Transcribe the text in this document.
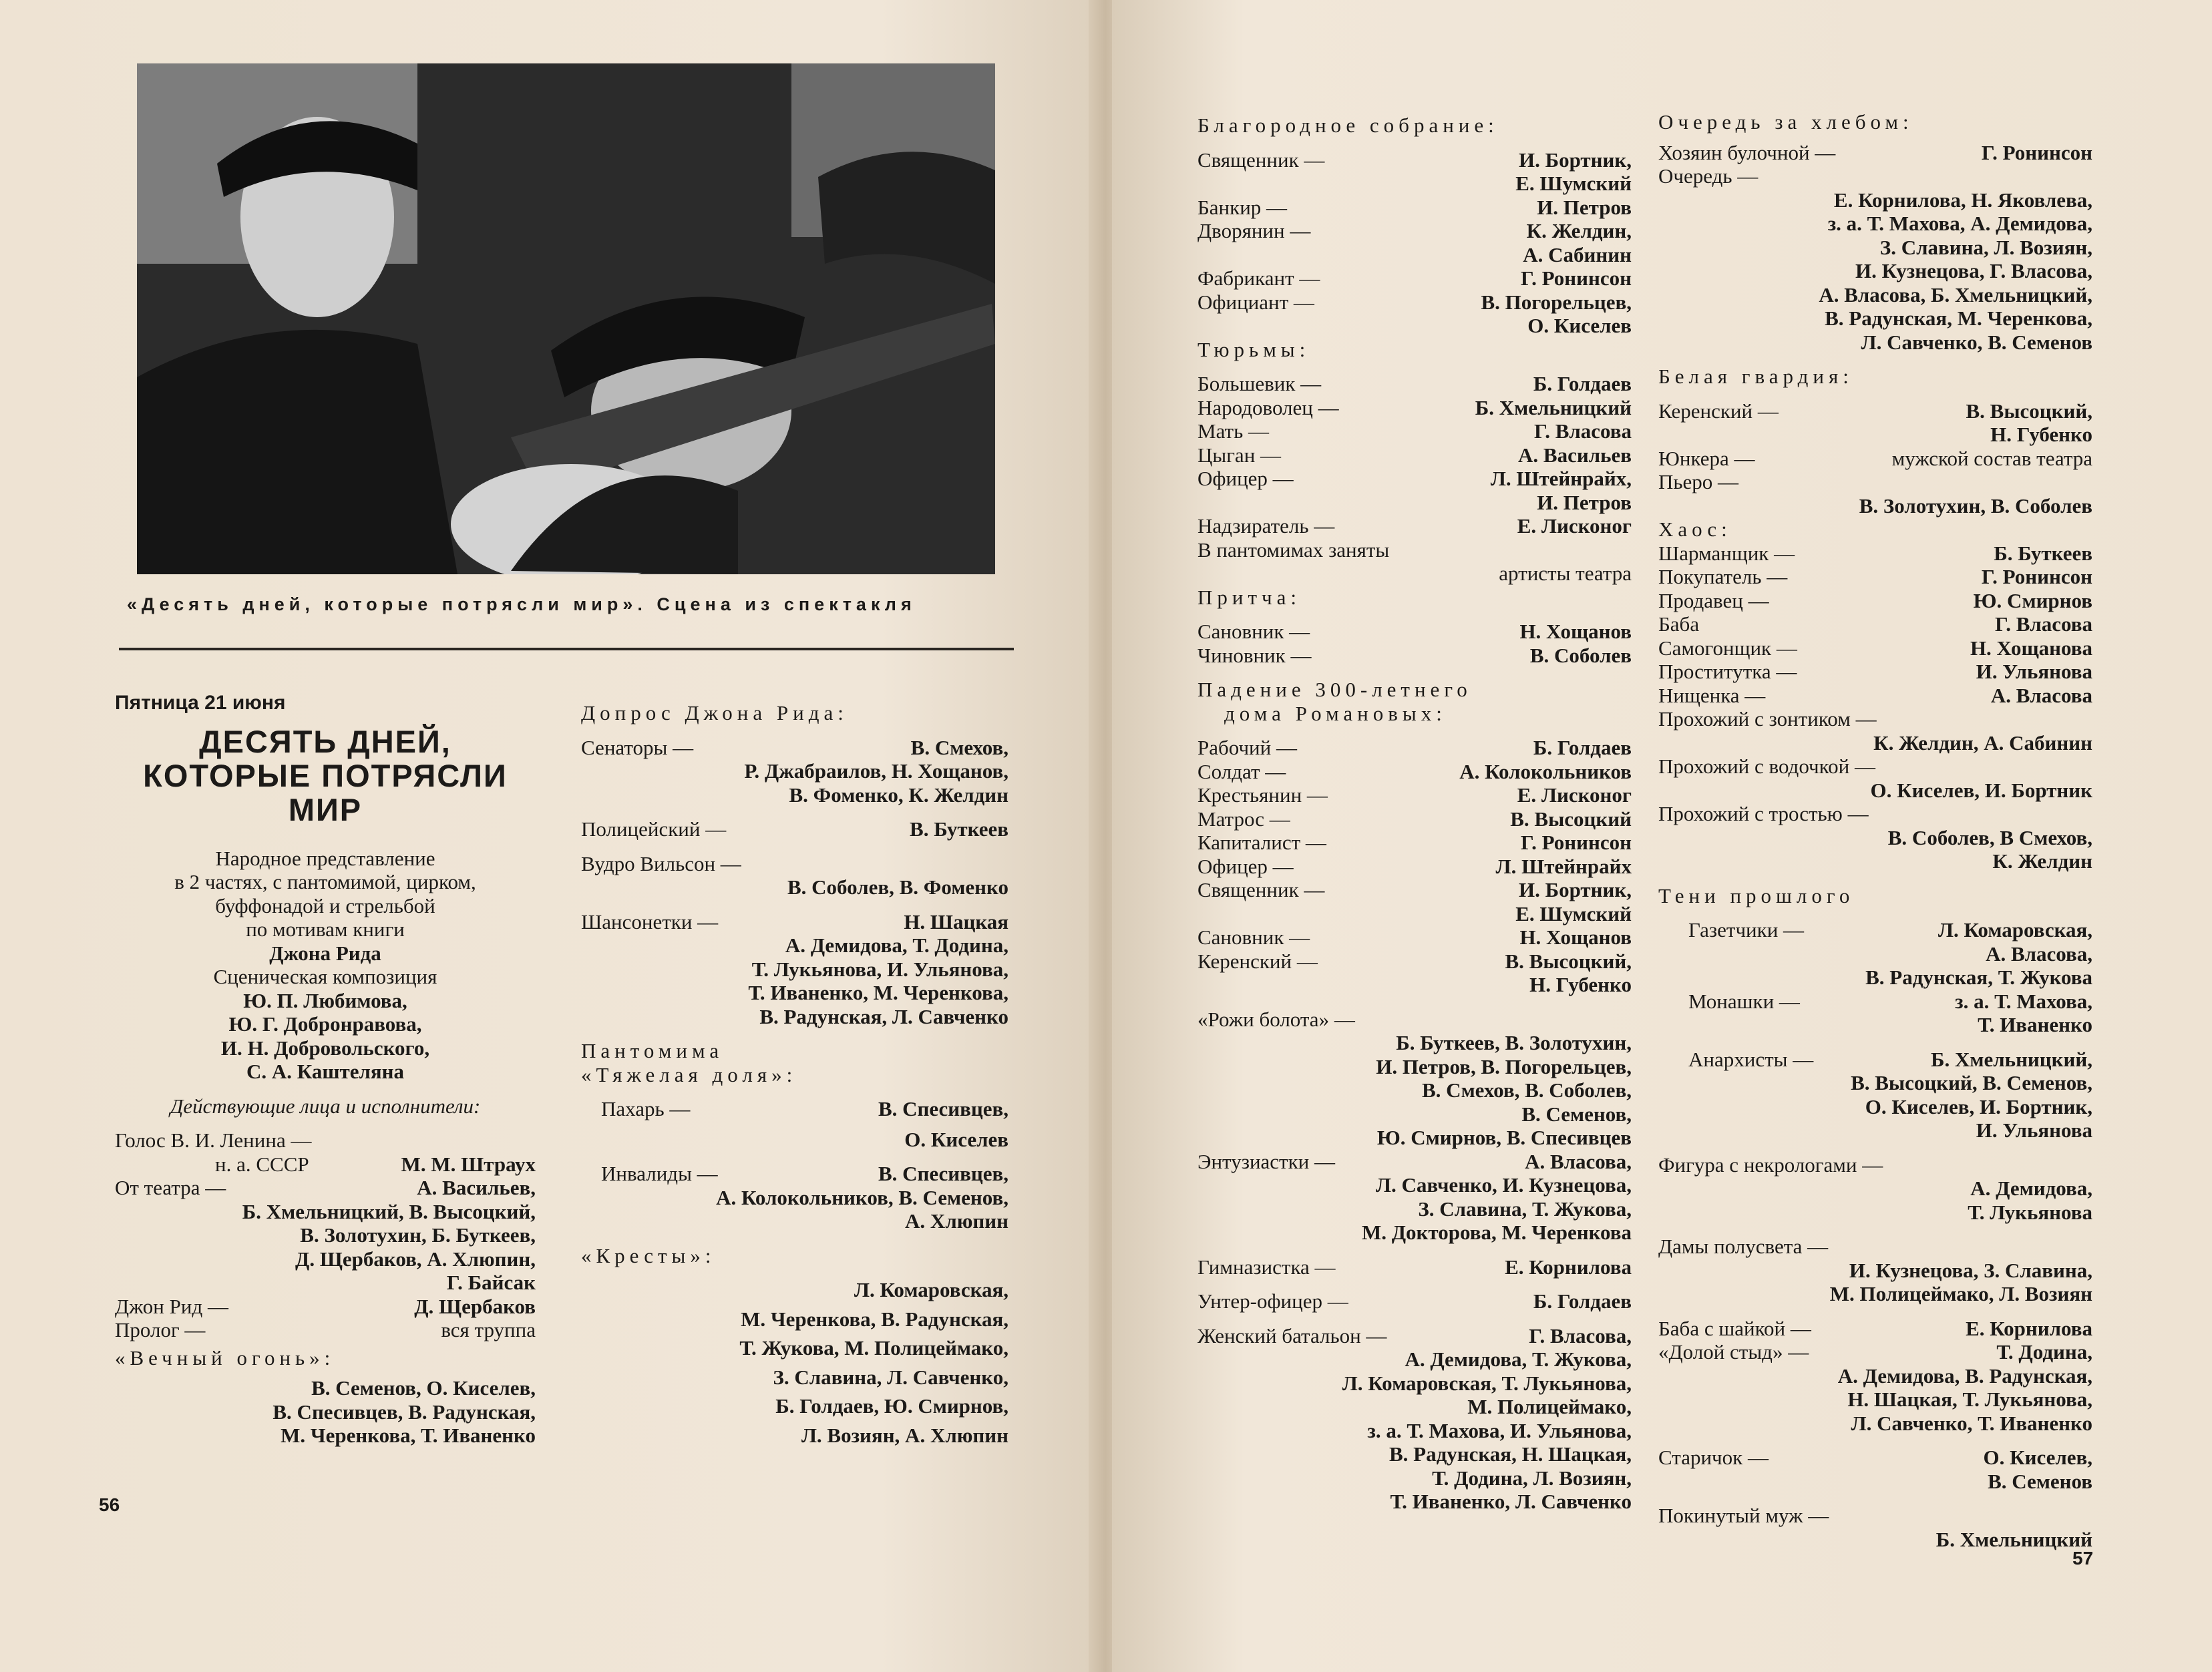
«Десять дней, которые потрясли мир». Сцена из спектакля
Пятница 21 июня
ДЕСЯТЬ ДНЕЙ,
КОТОРЫЕ ПОТРЯСЛИ
МИР
Народное представление
в 2 частях, с пантомимой, цирком,
буффонадой и стрельбой
по мотивам книги
Джона Рида
Сценическая композиция
Ю. П. Любимова,
Ю. Г. Добронравова,
И. Н. Добровольского,
С. А. Каштеляна
Действующие лица и исполнители:
Голос В. И. Ленина —
н. а. СССР	М. М. Штраух
От театра —	А. Васильев,
Б. Хмельницкий, В. Высоцкий,
В. Золотухин, Б. Буткеев,
Д. Щербаков, А. Хлюпин,
Г. Байсак
Джон Рид —	Д. Щербаков
Пролог —	вся труппа
«Вечный огонь»:
В. Семенов, О. Киселев,
В. Спесивцев, В. Радунская,
М. Черенкова, Т. Иваненко
Допрос Джона Рида:
Сенаторы —	В. Смехов,
Р. Джабраилов, Н. Хощанов,
В. Фоменко, К. Желдин
Полицейский —	В. Буткеев
Вудро Вильсон —
В. Соболев, В. Фоменко
Шансонетки —	Н. Шацкая
А. Демидова, Т. Додина,
Т. Лукьянова, И. Ульянова,
Т. Иваненко, М. Черенкова,
В. Радунская, Л. Савченко
Пантомима
«Тяжелая доля»:
Пахарь —	В. Спесивцев,
О. Киселев
Инвалиды —	В. Спесивцев,
А. Колокольников, В. Семенов,
А. Хлюпин
«Кресты»:
Л. Комаровская,
М. Черенкова, В. Радунская,
Т. Жукова, М. Полицеймако,
З. Славина, Л. Савченко,
Б. Голдаев, Ю. Смирнов,
Л. Возиян, А. Хлюпин
56
Благородное собрание:
Священник —	И. Бортник,
Е. Шумский
Банкир —	И. Петров
Дворянин —	К. Желдин,
А. Сабинин
Фабрикант —	Г. Ронинсон
Официант —	В. Погорельцев,
О. Киселев
Тюрьмы:
Большевик —	Б. Голдаев
Народоволец —	Б. Хмельницкий
Мать —	Г. Власова
Цыган —	А. Васильев
Офицер —	Л. Штейнрайх,
И. Петров
Надзиратель —	Е. Лисконог
В пантомимах заняты
артисты театра
Притча:
Сановник —	Н. Хощанов
Чиновник —	В. Соболев
Падение 300-летнего
дома Романовых:
Рабочий —	Б. Голдаев
Солдат —	А. Колокольников
Крестьянин —	Е. Лисконог
Матрос —	В. Высоцкий
Капиталист —	Г. Ронинсон
Офицер —	Л. Штейнрайх
Священник —	И. Бортник,
Е. Шумский
Сановник —	Н. Хощанов
Керенский —	В. Высоцкий,
Н. Губенко
«Рожи болота» —
Б. Буткеев, В. Золотухин,
И. Петров, В. Погорельцев,
В. Смехов, В. Соболев,
В. Семенов,
Ю. Смирнов, В. Спесивцев
Энтузиастки —	А. Власова,
Л. Савченко, И. Кузнецова,
З. Славина, Т. Жукова,
М. Докторова, М. Черенкова
Гимназистка —	Е. Корнилова
Унтер-офицер —	Б. Голдаев
Женский батальон —	Г. Власова,
А. Демидова, Т. Жукова,
Л. Комаровская, Т. Лукьянова,
М. Полицеймако,
з. а. Т. Махова, И. Ульянова,
В. Радунская, Н. Шацкая,
Т. Додина, Л. Возиян,
Т. Иваненко, Л. Савченко
Очередь за хлебом:
Хозяин булочной —	Г. Ронинсон
Очередь —
Е. Корнилова, Н. Яковлева,
з. а. Т. Махова, А. Демидова,
З. Славина, Л. Возиян,
И. Кузнецова, Г. Власова,
А. Власова, Б. Хмельницкий,
В. Радунская, М. Черенкова,
Л. Савченко, В. Семенов
Белая гвардия:
Керенский —	В. Высоцкий,
Н. Губенко
Юнкера —	мужской состав театра
Пьеро —
В. Золотухин, В. Соболев
Хаос:
Шарманщик —	Б. Буткеев
Покупатель —	Г. Ронинсон
Продавец —	Ю. Смирнов
Баба	Г. Власова
Самогонщик —	Н. Хощанова
Проститутка —	И. Ульянова
Нищенка —	А. Власова
Прохожий с зонтиком —
К. Желдин, А. Сабинин
Прохожий с водочкой —
О. Киселев, И. Бортник
Прохожий с тростью —
В. Соболев, В Смехов,
К. Желдин
Тени прошлого
Газетчики —	Л. Комаровская,
А. Власова,
В. Радунская, Т. Жукова
Монашки —	з. а. Т. Махова,
Т. Иваненко
Анархисты —	Б. Хмельницкий,
В. Высоцкий, В. Семенов,
О. Киселев, И. Бортник,
И. Ульянова
Фигура с некрологами —
А. Демидова,
Т. Лукьянова
Дамы полусвета —
И. Кузнецова, З. Славина,
М. Полицеймако, Л. Возиян
Баба с шайкой —	Е. Корнилова
«Долой стыд» —	Т. Додина,
А. Демидова, В. Радунская,
Н. Шацкая, Т. Лукьянова,
Л. Савченко, Т. Иваненко
Старичок —	О. Киселев,
В. Семенов
Покинутый муж —
Б. Хмельницкий
57
